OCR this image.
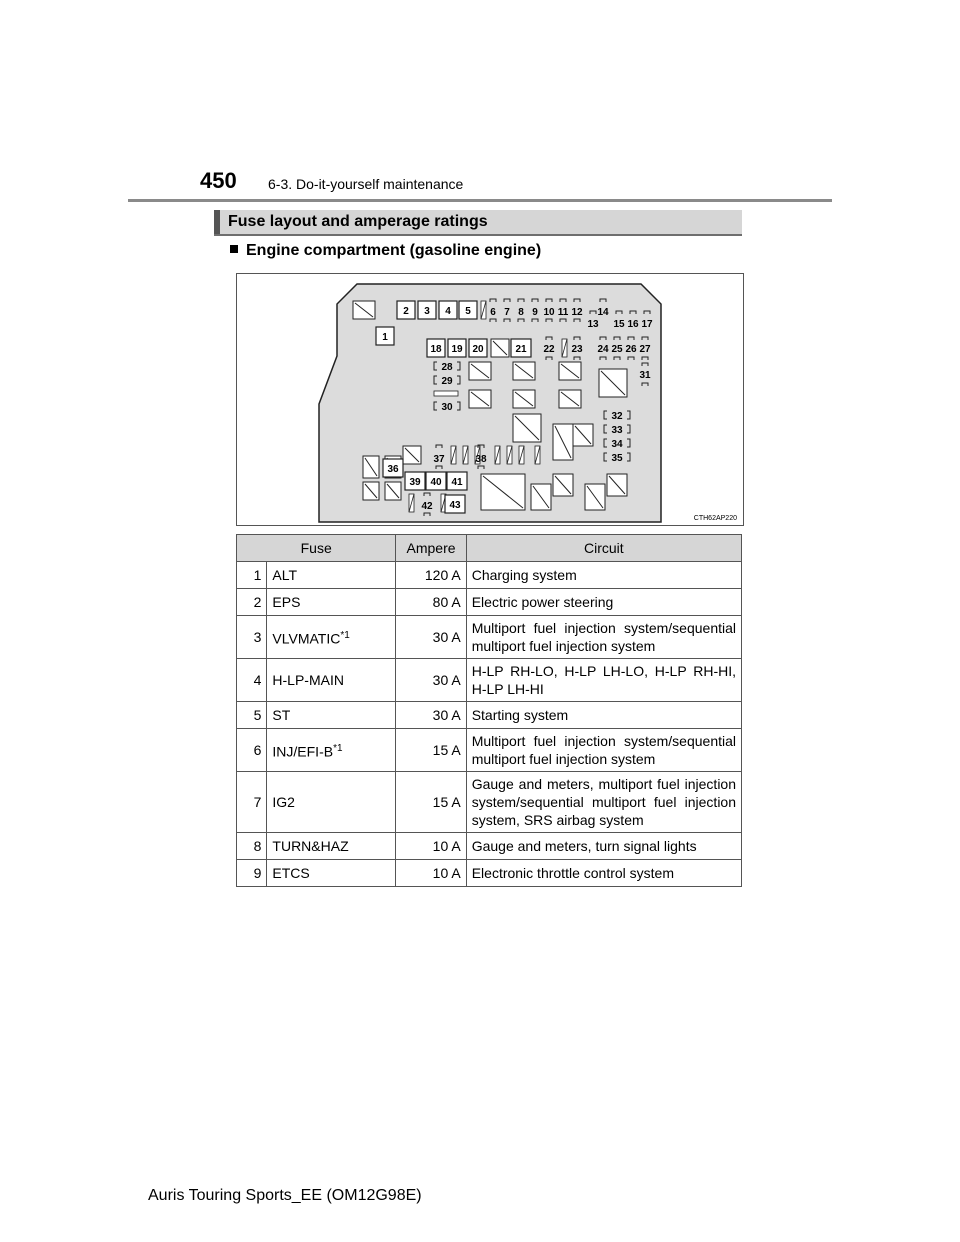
450 6-3. Do-it-yourself maintenance
Fuse layout and amperage ratings
Engine compartment (gasoline engine)
1
2 3 4 5 6 7 8 9 10 11 12
13
14
15 16 17
18 19 20	21 22 23 24 25 26 27
31
28
29
30
32
33
34
35
36
37	38
39 40 41
42 43
CTH62AP220
Fuse		Ampere	Circuit
1	ALT	120 A	Charging system
2	EPS	80 A	Electric power steering
3	VLVMATIC$^{*1}$	30 A	Multiport fuel injection system/sequential multiport fuel injection system
4	H-LP-MAIN	30 A	H-LP RH-LO, H-LP LH-LO, H-LP RH-HI, H-LP LH-HI
5	ST	30 A	Starting system
6	INJ/$EFI-B^{*1}$	15 A	Multiport fuel injection system/sequential multiport fuel injection system
7	IG2	15 A	Gauge and meters, multiport fuel injection system/sequential multiport fuel injection system, SRS airbag system
8	TURN&HAZ	10 A	Gauge and meters, turn signal lights
9	ETCS	10 A	Electronic throttle control system
Auris Touring Sports_EE (OM12G98E)
